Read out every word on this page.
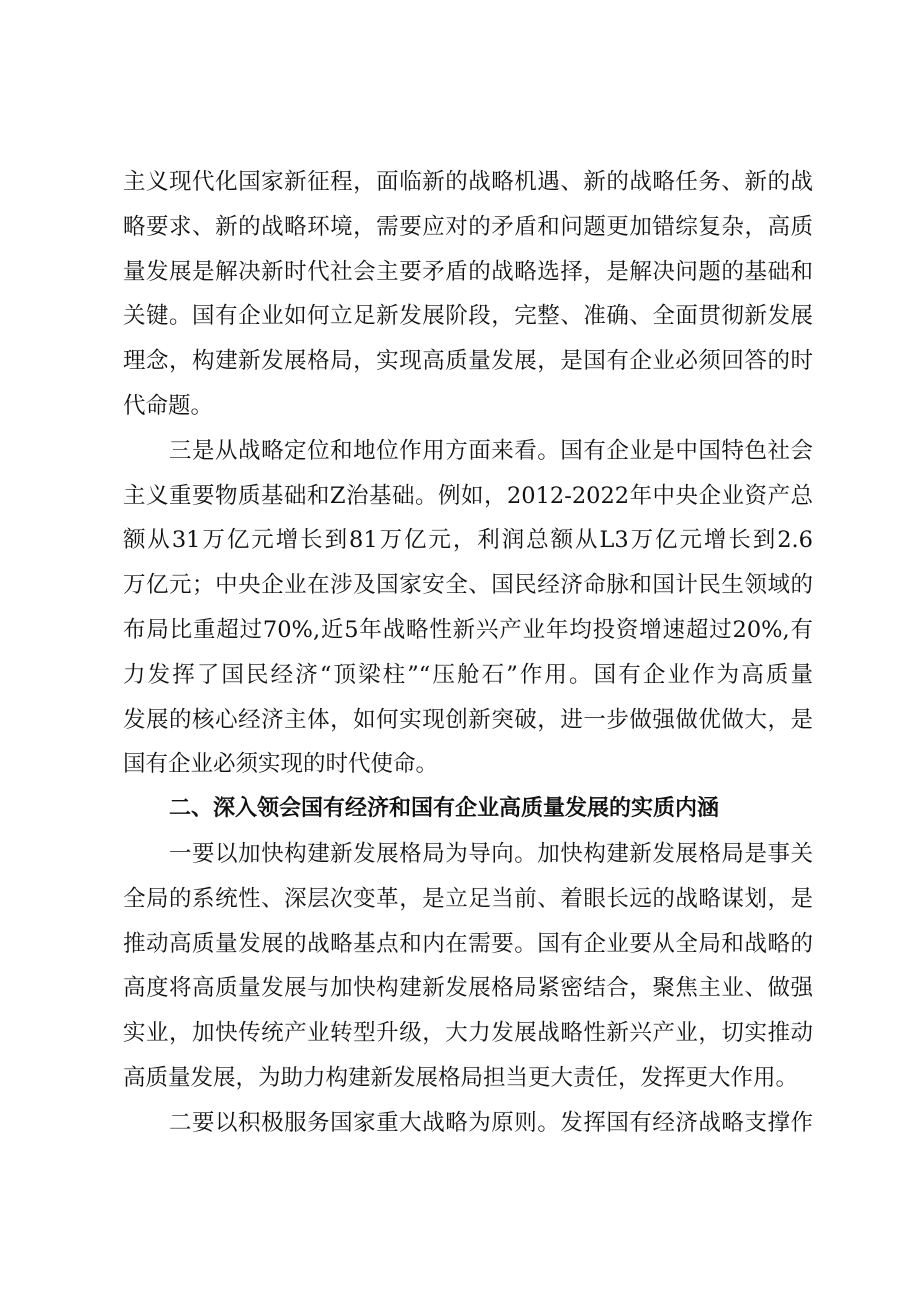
主义现代化国家新征程，面临新的战略机遇、新的战略任务、新的战
略要求、新的战略环境，需要应对的矛盾和问题更加错综复杂，高质
量发展是解决新时代社会主要矛盾的战略选择，是解决问题的基础和
关键。国有企业如何立足新发展阶段，完整、准确、全面贯彻新发展
理念，构建新发展格局，实现高质量发展，是国有企业必须回答的时
代命题。
三是从战略定位和地位作用方面来看。国有企业是中国特色社会
主义重要物质基础和Z治基础。例如，2012-2022年中央企业资产总
额从31万亿元增长到81万亿元，利润总额从L3万亿元增长到2.6
万亿元；中央企业在涉及国家安全、国民经济命脉和国计民生领域的
布局比重超过70%,近5年战略性新兴产业年均投资增速超过20%,有
力发挥了国民经济“顶梁柱”“压舱石”作用。国有企业作为高质量
发展的核心经济主体，如何实现创新突破，进一步做强做优做大，是
国有企业必须实现的时代使命。
二、深入领会国有经济和国有企业高质量发展的实质内涵
一要以加快构建新发展格局为导向。加快构建新发展格局是事关
全局的系统性、深层次变革，是立足当前、着眼长远的战略谋划，是
推动高质量发展的战略基点和内在需要。国有企业要从全局和战略的
高度将高质量发展与加快构建新发展格局紧密结合，聚焦主业、做强
实业，加快传统产业转型升级，大力发展战略性新兴产业，切实推动
高质量发展，为助力构建新发展格局担当更大责任，发挥更大作用。
二要以积极服务国家重大战略为原则。发挥国有经济战略支撑作
